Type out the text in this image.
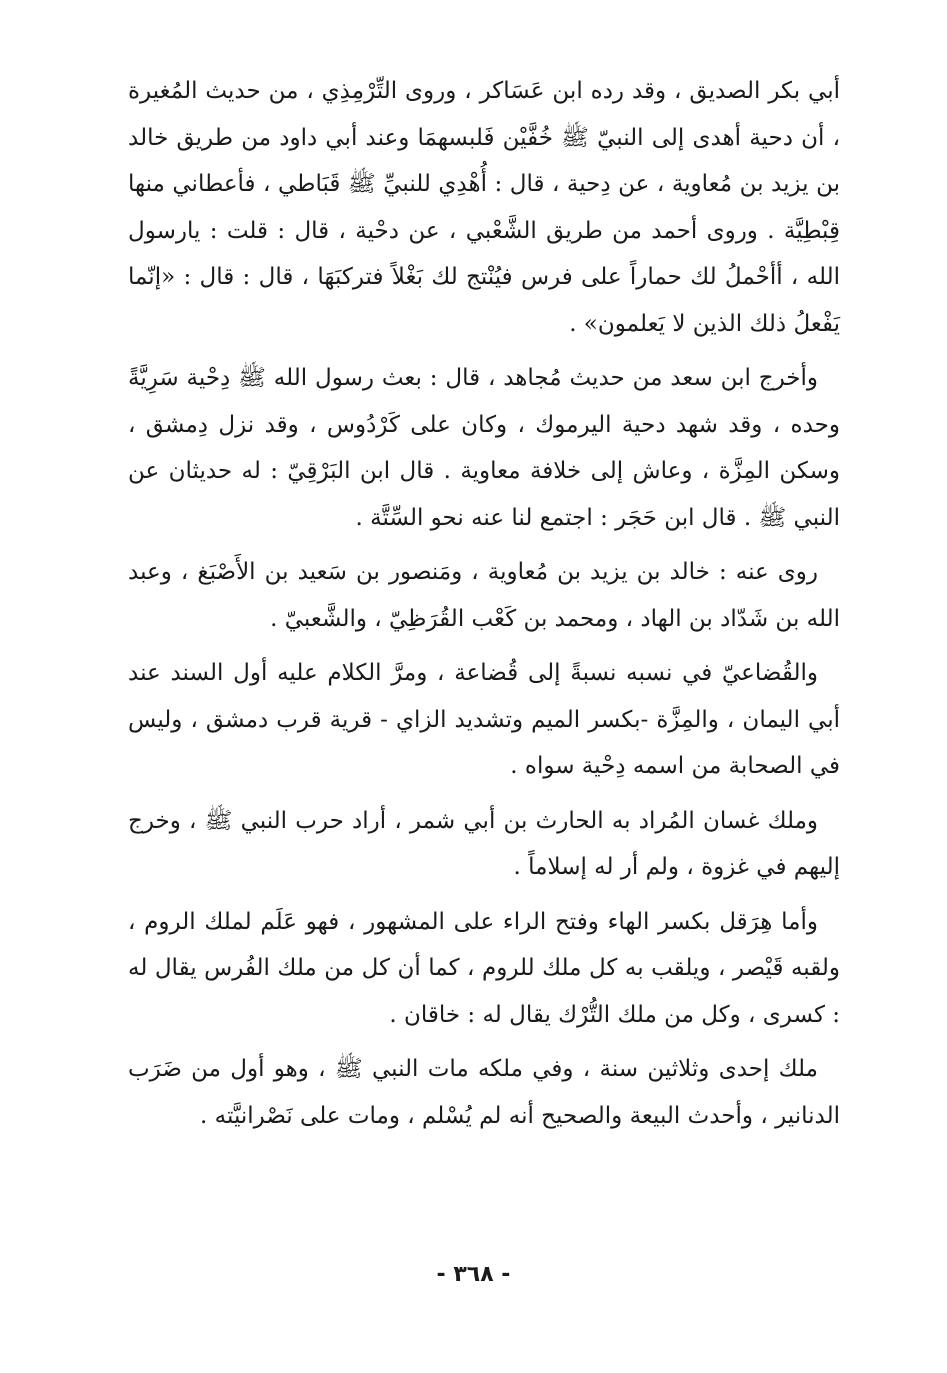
أبي بكر الصديق ، وقد رده ابن عَسَاكر ، وروى التِّرْمِذِي ، من حديث المُغيرة ، أن دحية أهدى إلى النبيّ ﷺ خُفَّيْن فَلبسهمَا وعند أبي داود من طريق خالد بن يزيد بن مُعاوية ، عن دِحية ، قال : أُهْدِي للنبيِّ ﷺ قَبَاطي ، فأعطاني منها قِبْطِيَّة . وروى أحمد من طريق الشَّعْبي ، عن دحْية ، قال : قلت : يارسول الله ، أأحْملُ لك حماراً على فرس فيُنْتج لك بَغْلاً فتركبَهَا ، قال : قال : «إنّما يَفْعلُ ذلك الذين لا يَعلمون» .

وأخرج ابن سعد من حديث مُجاهد ، قال : بعث رسول الله ﷺ دِحْية سَرِيَّةً وحده ، وقد شهد دحية اليرموك ، وكان على كَرْدُوس ، وقد نزل دِمشق ، وسكن المِزَّة ، وعاش إلى خلافة معاوية . قال ابن البَرْقِيّ : له حديثان عن النبي ﷺ . قال ابن حَجَر : اجتمع لنا عنه نحو السِّتَّة .

روى عنه : خالد بن يزيد بن مُعاوية ، ومَنصور بن سَعيد بن الأَصْبَغ ، وعبد الله بن شَدّاد بن الهاد ، ومحمد بن كَعْب القُرَظِيّ ، والشَّعبيّ .

والقُضاعيّ في نسبه نسبةً إلى قُضاعة ، ومرَّ الكلام عليه أول السند عند أبي اليمان ، والمِزَّة -بكسر الميم وتشديد الزاي - قرية قرب دمشق ، وليس في الصحابة من اسمه دِحْية سواه .

وملك غسان المُراد به الحارث بن أبي شمر ، أراد حرب النبي ﷺ ، وخرج إليهم في غزوة ، ولم أر له إسلاماً .

وأما هِرَقل بكسر الهاء وفتح الراء على المشهور ، فهو عَلَم لملك الروم ، ولقبه قَيْصر ، ويلقب به كل ملك للروم ، كما أن كل من ملك الفُرس يقال له : كسرى ، وكل من ملك التُّرْك يقال له : خاقان .

ملك إحدى وثلاثين سنة ، وفي ملكه مات النبي ﷺ ، وهو أول من ضَرَب الدنانير ، وأحدث البيعة والصحيح أنه لم يُسْلم ، ومات على نَصْرانيَّته .

- ٣٦٨ -
